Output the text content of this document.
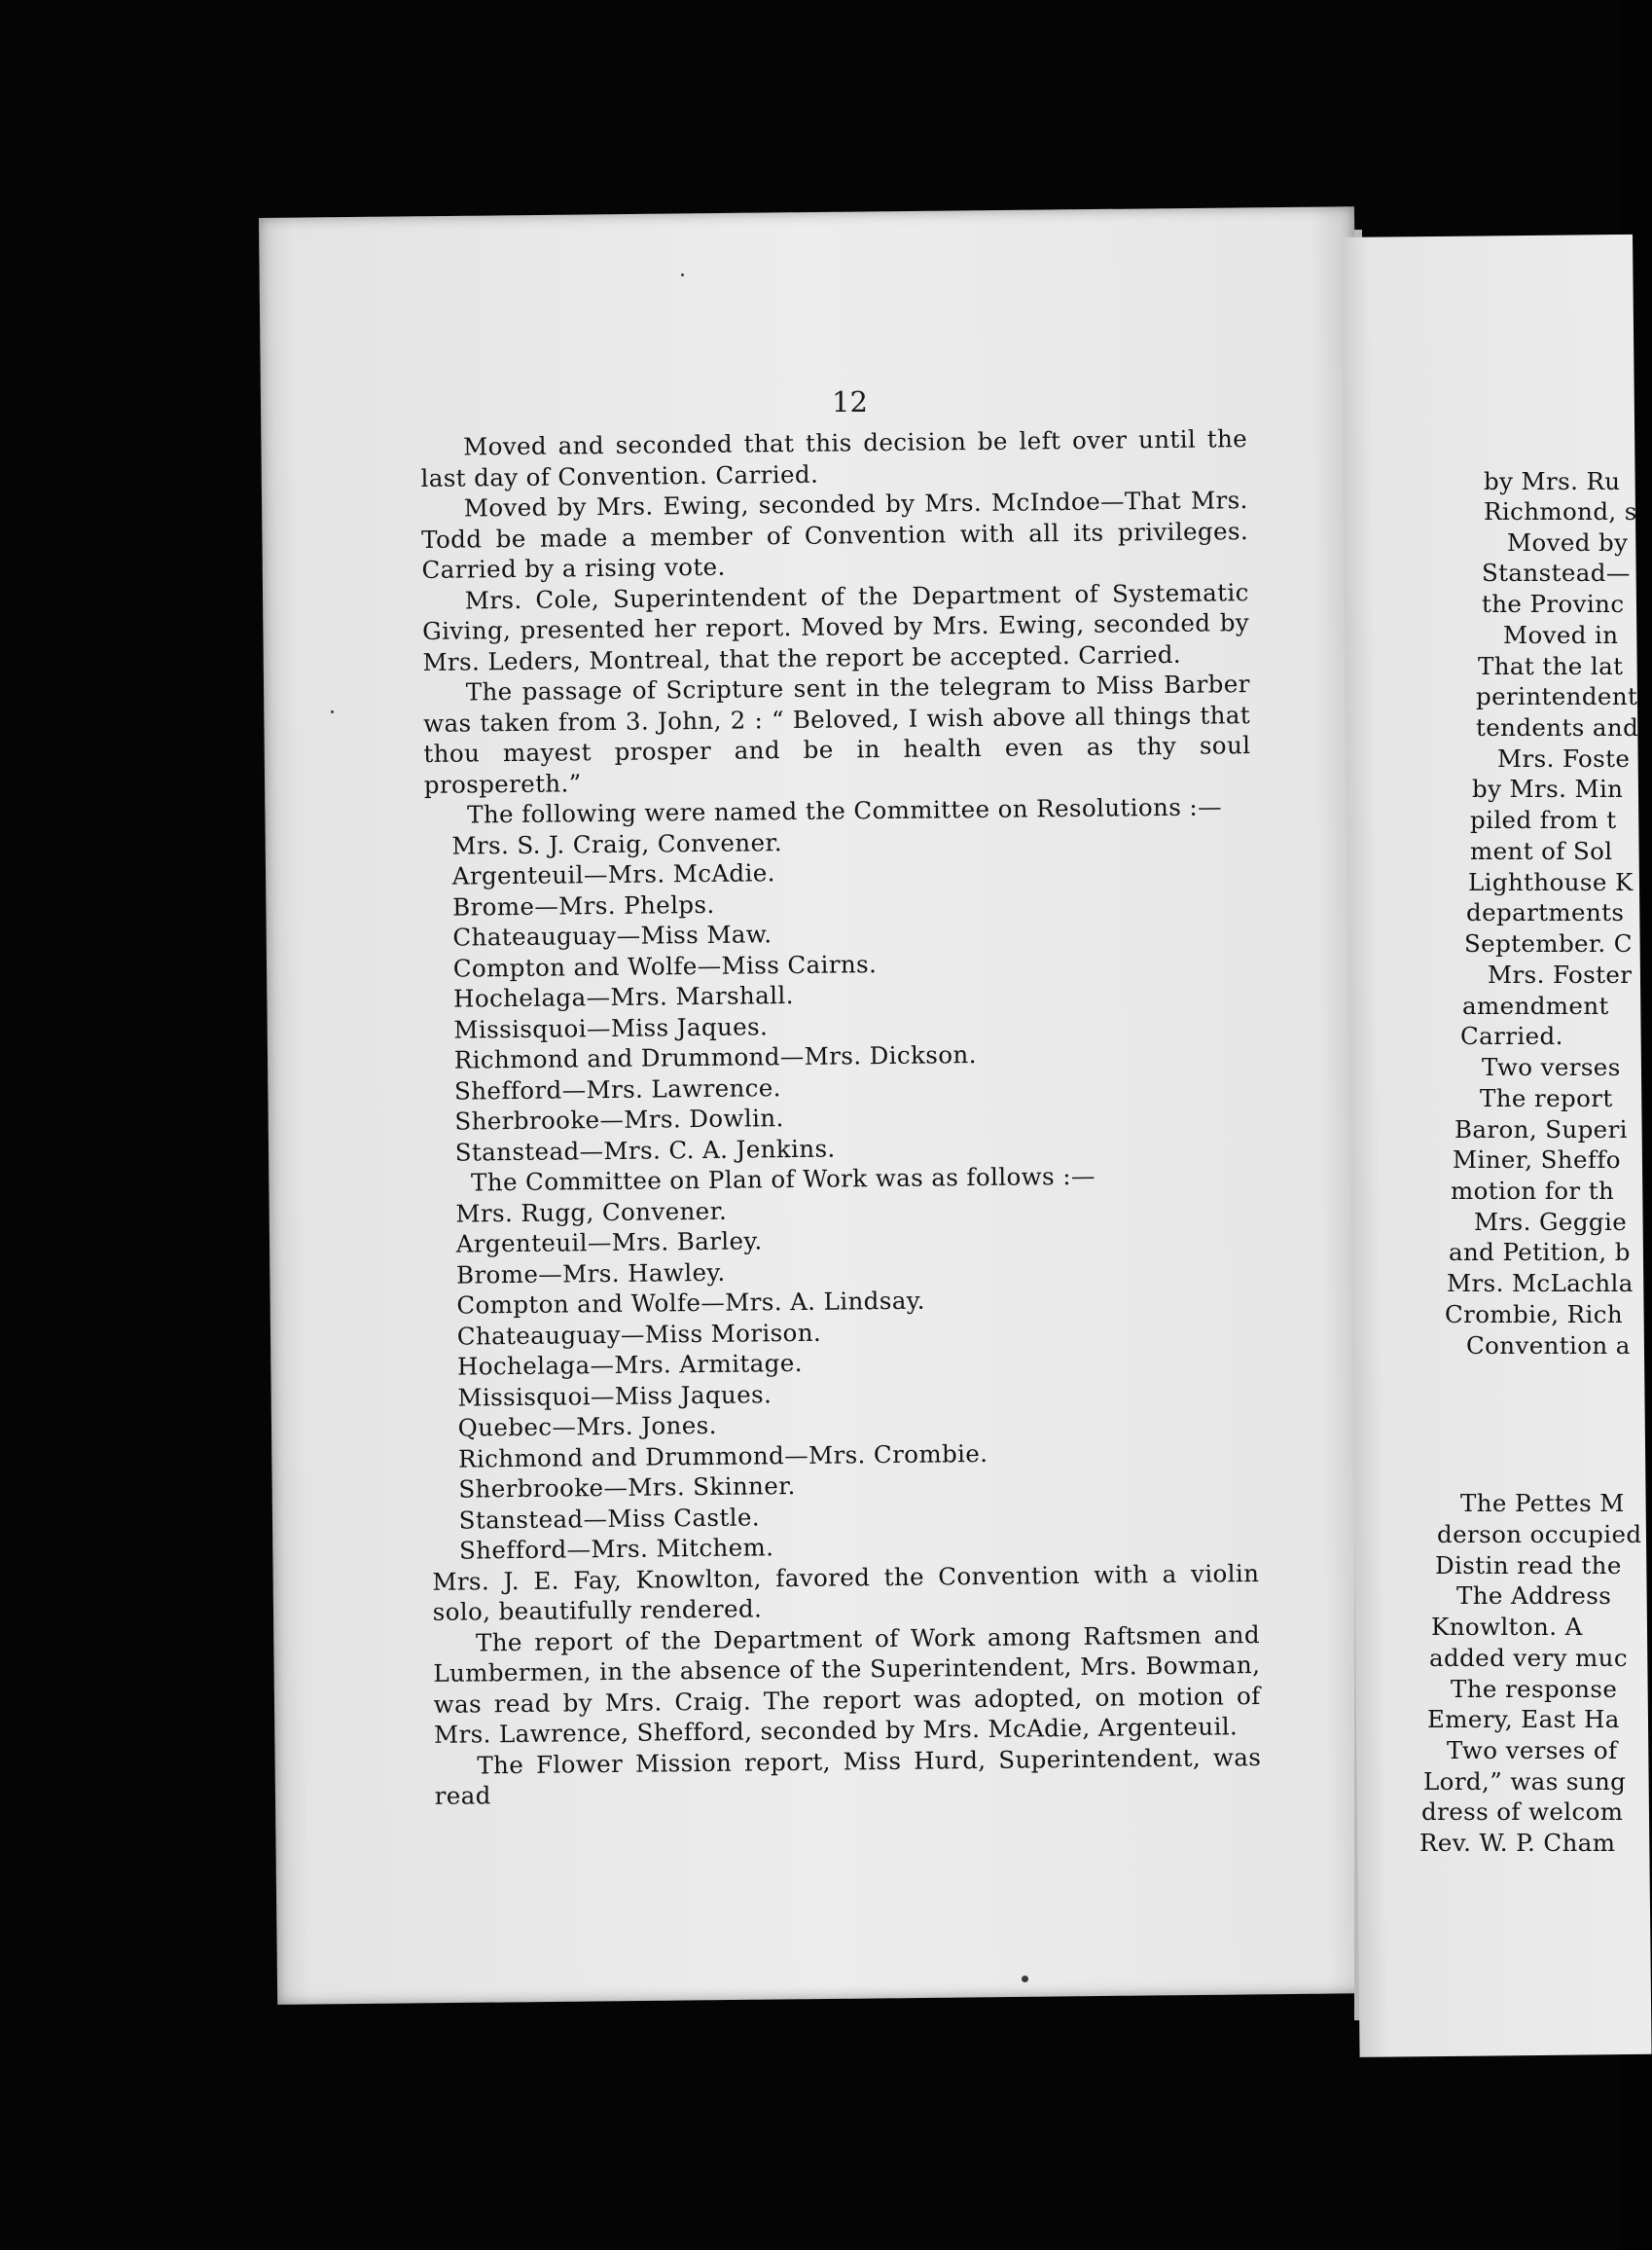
12

Moved and seconded that this decision be left over until the last day of Convention. Carried.

Moved by Mrs. Ewing, seconded by Mrs. McIndoe—That Mrs. Todd be made a member of Convention with all its privileges. Carried by a rising vote.

Mrs. Cole, Superintendent of the Department of Systematic Giving, presented her report. Moved by Mrs. Ewing, seconded by Mrs. Leders, Montreal, that the report be accepted. Carried.

The passage of Scripture sent in the telegram to Miss Barber was taken from 3. John, 2 : “ Beloved, I wish above all things that thou mayest prosper and be in health even as thy soul prospereth.”

The following were named the Committee on Resolutions :—

Mrs. S. J. Craig, Convener.
Argenteuil—Mrs. McAdie.
Brome—Mrs. Phelps.
Chateauguay—Miss Maw.
Compton and Wolfe—Miss Cairns.
Hochelaga—Mrs. Marshall.
Missisquoi—Miss Jaques.
Richmond and Drummond—Mrs. Dickson.
Shefford—Mrs. Lawrence.
Sherbrooke—Mrs. Dowlin.
Stanstead—Mrs. C. A. Jenkins.

The Committee on Plan of Work was as follows :—

Mrs. Rugg, Convener.
Argenteuil—Mrs. Barley.
Brome—Mrs. Hawley.
Compton and Wolfe—Mrs. A. Lindsay.
Chateauguay—Miss Morison.
Hochelaga—Mrs. Armitage.
Missisquoi—Miss Jaques.
Quebec—Mrs. Jones.
Richmond and Drummond—Mrs. Crombie.
Sherbrooke—Mrs. Skinner.
Stanstead—Miss Castle.
Shefford—Mrs. Mitchem.

Mrs. J. E. Fay, Knowlton, favored the Convention with a violin solo, beautifully rendered.

The report of the Department of Work among Raftsmen and Lumbermen, in the absence of the Superintendent, Mrs. Bowman, was read by Mrs. Craig. The report was adopted, on motion of Mrs. Lawrence, Shefford, seconded by Mrs. McAdie, Argenteuil.

The Flower Mission report, Miss Hurd, Superintendent, was read

by Mrs. Ru
Richmond, s
Moved by
Stanstead—
the Provinc
Moved in
That the lat
perintendent
tendents and
Mrs. Foste
by Mrs. Min
piled from t
ment of Sol
Lighthouse K
departments
September. C
Mrs. Foster
amendment
Carried.
Two verses
The report
Baron, Superi
Miner, Sheffo
motion for th
Mrs. Geggie
and Petition, b
Mrs. McLachla
Crombie, Rich
Convention a
The Pettes M
derson occupied
Distin read the
The Address
Knowlton. A
added very muc
The response
Emery, East Ha
Two verses of
Lord,” was sung
dress of welcom
Rev. W. P. Cham
